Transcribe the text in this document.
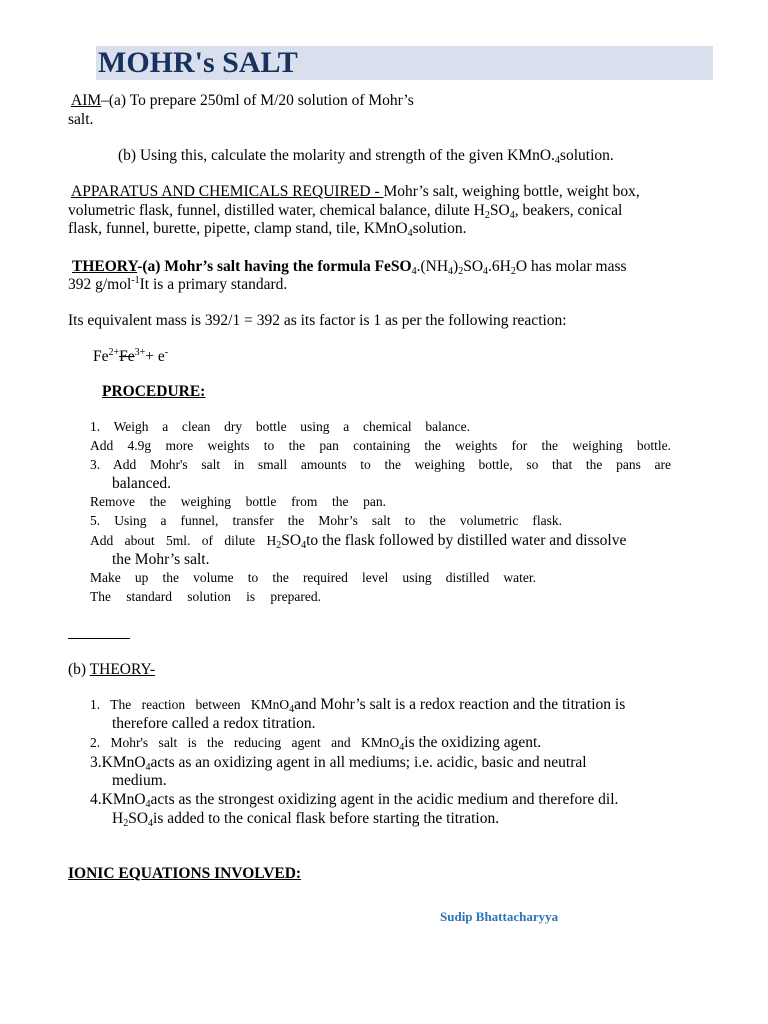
MOHR's SALT
AIM–(a) To prepare 250ml of M/20 solution of Mohr’s
salt.
(b) Using this, calculate the molarity and strength of the given $KMnO._4solution$.
APPARATUS AND CHEMICALS REQUIRED - Mohr’s salt, weighing bottle, weight box,
volumetric flask, funnel, distilled water, chemical balance, dilute $H_2SO_4$, beakers, conical
flask, funnel, burette, pipette, clamp stand, tile, KMnO$_4$solution.
THEORY-(a) Mohr’s salt having the formula $FeSO_4.(NH_4)_2SO_4.6H_2O$ has molar mass
392 g/mol$^{-1}$It is a primary standard.
Its equivalent mass is 392/1 = 392 as its factor is 1 as per the following reaction:
$Fe^{2+}Fe^{3+}+ e^-$
PROCEDURE:
1. Weigh a clean dry bottle using a chemical balance.
Add 4.9g more weights to the pan containing the weights for the weighing bottle.
3. Add Mohr's salt in small amounts to the weighing bottle, so that the pans are
balanced.
Remove the weighing bottle from the pan.
5. Using a funnel, transfer the Mohr’s salt to the volumetric flask.
Add about 5ml. of dilute $H_2SO_4to$ the flask followed by distilled water and dissolve
the Mohr’s salt.
Make up the volume to the required level using distilled water.
The standard solution is prepared.
(b) THEORY-
1. The reaction between KMnO$_4$and Mohr’s salt is a redox reaction and the titration is
therefore called a redox titration.
2. Mohr's salt is the reducing agent and KMnO$_4$is the oxidizing agent.
3.KMnO$_4$acts as an oxidizing agent in all mediums; i.e. acidic, basic and neutral
medium.
4.KMnO$_4$acts as the strongest oxidizing agent in the acidic medium and therefore dil.
$H_2SO_4is$ added to the conical flask before starting the titration.
IONIC EQUATIONS INVOLVED:
Sudip Bhattacharyya
